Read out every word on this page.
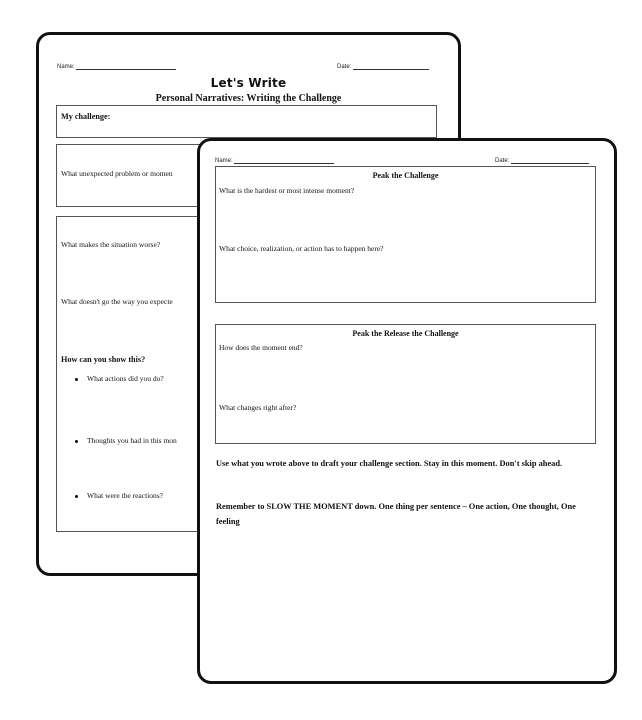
Name:	Date:
Let's Write
Personal Narratives: Writing the Challenge
My challenge:
What unexpected problem or momen
What makes the situation worse?
What doesn't go the way you expecte
How can you show this?
What actions did you do?
Thoughts you had in this mon
What were the reactions?
Name:	Date:
Peak the Challenge
What is the hardest or most intense moment?
What choice, realization, or action has to happen here?
Peak the Release the Challenge
How does the moment end?
What changes right after?
Use what you wrote above to draft your challenge section. Stay in this moment. Don't skip ahead.
Remember to SLOW THE MOMENT down. One thing per sentence – One action, One thought, One feeling
